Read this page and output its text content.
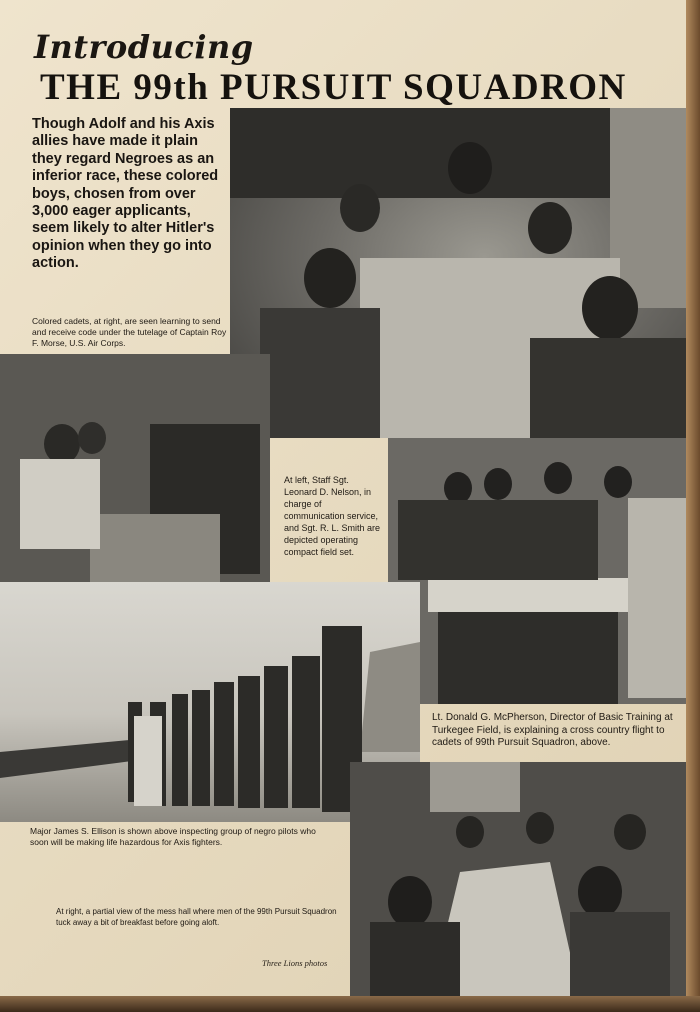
Introducing
THE 99th PURSUIT SQUADRON
Though Adolf and his Axis allies have made it plain they regard Negroes as an inferior race, these colored boys, chosen from over 3,000 eager applicants, seem likely to alter Hitler's opinion when they go into action.
Colored cadets, at right, are seen learning to send and receive code under the tutelage of Captain Roy F. Morse, U.S. Air Corps.
At left, Staff Sgt. Leonard D. Nelson, in charge of communication service, and Sgt. R. L. Smith are depicted operating compact field set.
Lt. Donald G. McPherson, Director of Basic Training at Turkegee Field, is explaining a cross country flight to cadets of 99th Pursuit Squadron, above.
Major James S. Ellison is shown above inspecting group of negro pilots who soon will be making life hazardous for Axis fighters.
At right, a partial view of the mess hall where men of the 99th Pursuit Squadron tuck away a bit of breakfast before going aloft.
Three Lions photos
